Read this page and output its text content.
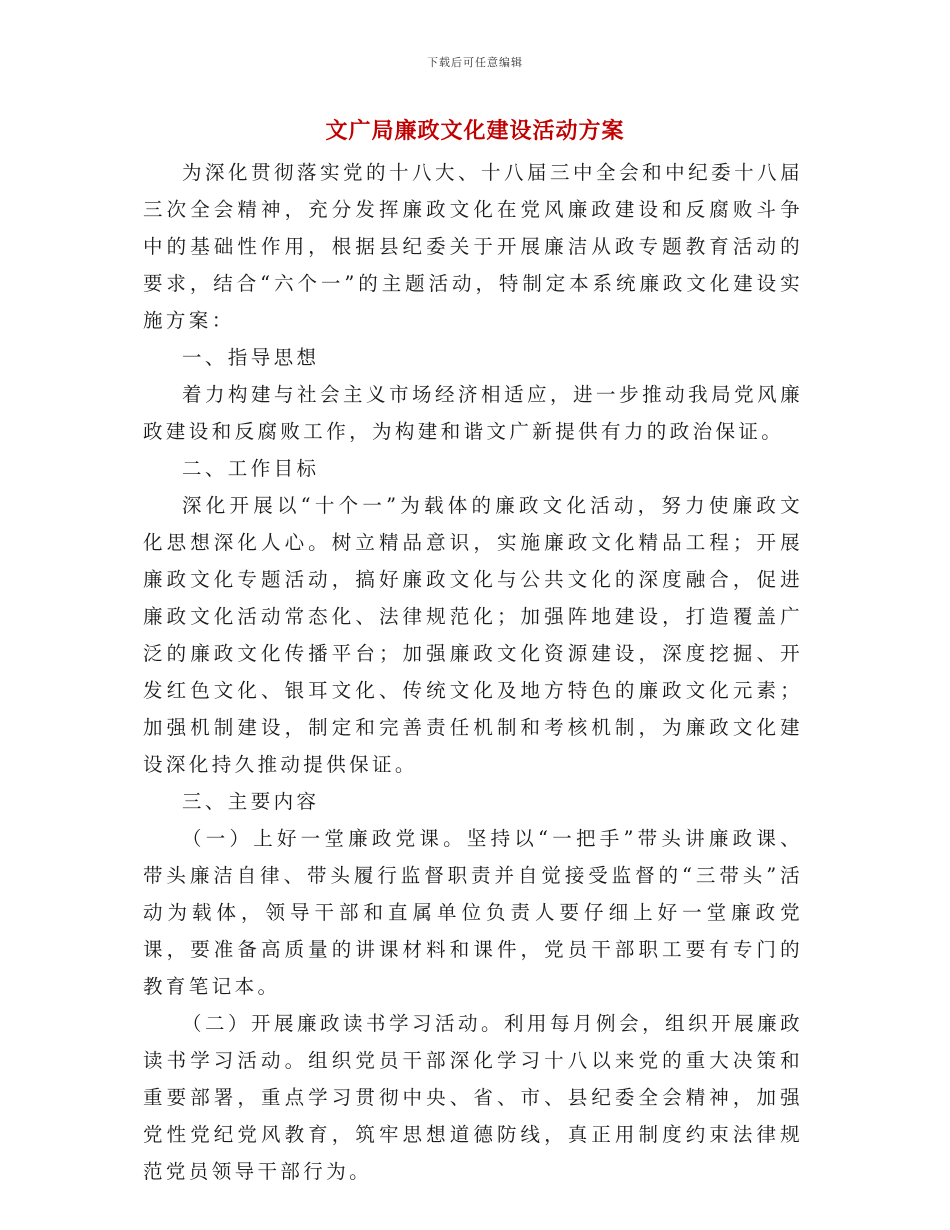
下载后可任意编辑
文广局廉政文化建设活动方案

为深化贯彻落实党的十八大、十八届三中全会和中纪委十八届三次全会精神，充分发挥廉政文化在党风廉政建设和反腐败斗争中的基础性作用，根据县纪委关于开展廉洁从政专题教育活动的要求，结合“六个一”的主题活动，特制定本系统廉政文化建设实施方案：

一、指导思想

着力构建与社会主义市场经济相适应，进一步推动我局党风廉政建设和反腐败工作，为构建和谐文广新提供有力的政治保证。

二、工作目标

深化开展以“十个一”为载体的廉政文化活动，努力使廉政文化思想深化人心。树立精品意识，实施廉政文化精品工程；开展廉政文化专题活动，搞好廉政文化与公共文化的深度融合，促进廉政文化活动常态化、法律规范化；加强阵地建设，打造覆盖广泛的廉政文化传播平台；加强廉政文化资源建设，深度挖掘、开发红色文化、银耳文化、传统文化及地方特色的廉政文化元素；加强机制建设，制定和完善责任机制和考核机制，为廉政文化建设深化持久推动提供保证。

三、主要内容

（一）上好一堂廉政党课。坚持以“一把手”带头讲廉政课、带头廉洁自律、带头履行监督职责并自觉接受监督的“三带头”活动为载体，领导干部和直属单位负责人要仔细上好一堂廉政党课，要准备高质量的讲课材料和课件，党员干部职工要有专门的教育笔记本。

（二）开展廉政读书学习活动。利用每月例会，组织开展廉政读书学习活动。组织党员干部深化学习十八以来党的重大决策和重要部署，重点学习贯彻中央、省、市、县纪委全会精神，加强党性党纪党风教育，筑牢思想道德防线，真正用制度约束法律规范党员领导干部行为。
